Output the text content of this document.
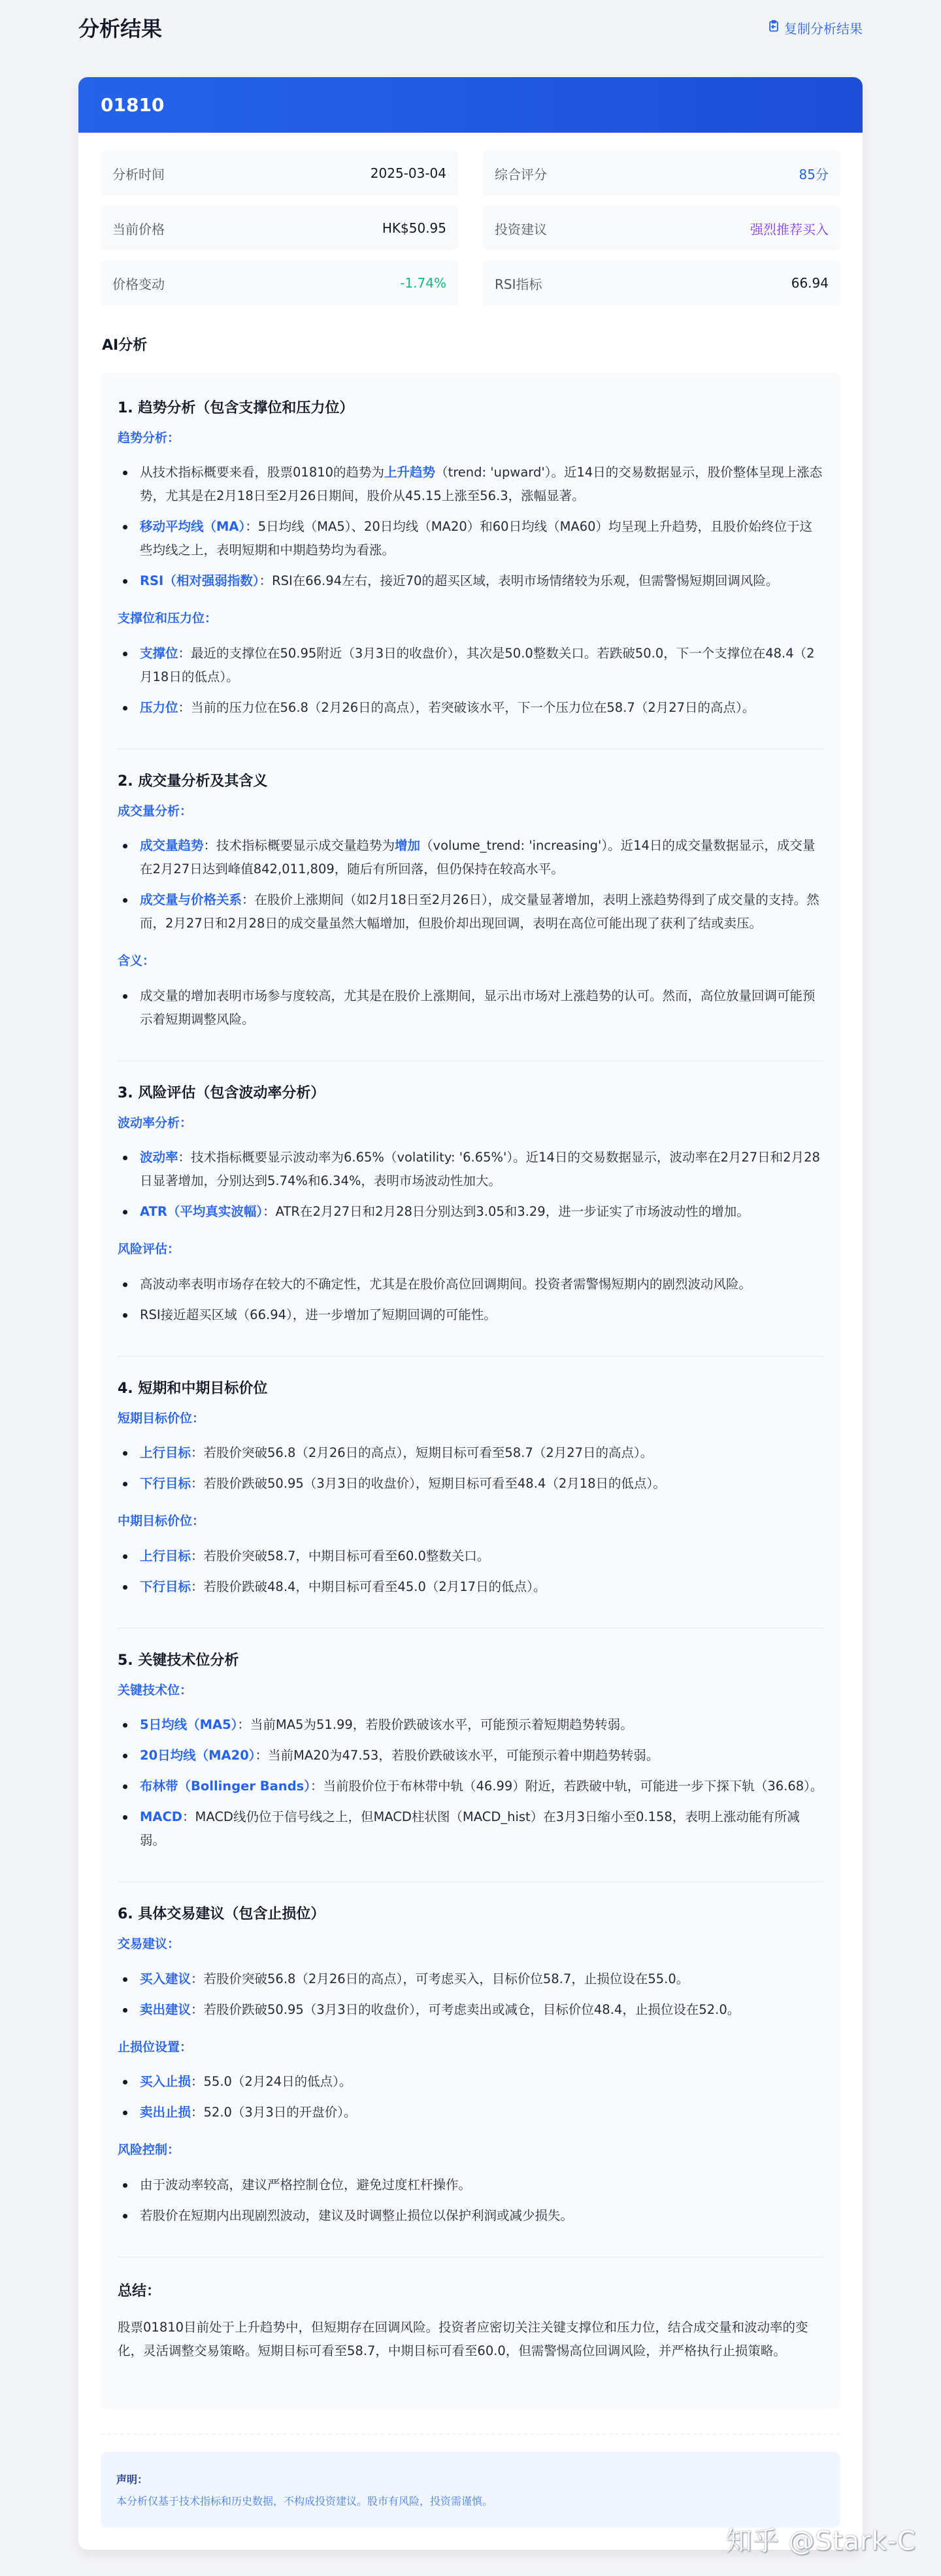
分析结果	复制分析结果
01810
分析时间	2025-03-04	综合评分	85分
当前价格	HK$50.95	投资建议	强烈推荐买入
价格变动	-1.74%	RSI指标	66.94
AI分析
1. 趋势分析（包含支撑位和压力位）
趋势分析：
从技术指标概要来看，股票01810的趋势为上升趋势（trend: 'upward'）。近14日的交易数据显示，股价整体呈现上涨态势，尤其是在2月18日至2月26日期间，股价从45.15上涨至56.3，涨幅显著。
移动平均线（MA）：5日均线（MA5）、20日均线（MA20）和60日均线（MA60）均呈现上升趋势，且股价始终位于这些均线之上，表明短期和中期趋势均为看涨。
RSI（相对强弱指数）：RSI在66.94左右，接近70的超买区域，表明市场情绪较为乐观，但需警惕短期回调风险。
支撑位和压力位：
支撑位：最近的支撑位在50.95附近（3月3日的收盘价），其次是50.0整数关口。若跌破50.0，下一个支撑位在48.4（2月18日的低点）。
压力位：当前的压力位在56.8（2月26日的高点），若突破该水平，下一个压力位在58.7（2月27日的高点）。
2. 成交量分析及其含义
成交量分析：
成交量趋势：技术指标概要显示成交量趋势为增加（volume_trend: 'increasing'）。近14日的成交量数据显示，成交量在2月27日达到峰值842,011,809，随后有所回落，但仍保持在较高水平。
成交量与价格关系：在股价上涨期间（如2月18日至2月26日），成交量显著增加，表明上涨趋势得到了成交量的支持。然而，2月27日和2月28日的成交量虽然大幅增加，但股价却出现回调，表明在高位可能出现了获利了结或卖压。
含义：
成交量的增加表明市场参与度较高，尤其是在股价上涨期间，显示出市场对上涨趋势的认可。然而，高位放量回调可能预示着短期调整风险。
3. 风险评估（包含波动率分析）
波动率分析：
波动率：技术指标概要显示波动率为6.65%（volatility: '6.65%'）。近14日的交易数据显示，波动率在2月27日和2月28日显著增加，分别达到5.74%和6.34%，表明市场波动性加大。
ATR（平均真实波幅）：ATR在2月27日和2月28日分别达到3.05和3.29，进一步证实了市场波动性的增加。
风险评估：
高波动率表明市场存在较大的不确定性，尤其是在股价高位回调期间。投资者需警惕短期内的剧烈波动风险。
RSI接近超买区域（66.94），进一步增加了短期回调的可能性。
4. 短期和中期目标价位
短期目标价位：
上行目标：若股价突破56.8（2月26日的高点），短期目标可看至58.7（2月27日的高点）。
下行目标：若股价跌破50.95（3月3日的收盘价），短期目标可看至48.4（2月18日的低点）。
中期目标价位：
上行目标：若股价突破58.7，中期目标可看至60.0整数关口。
下行目标：若股价跌破48.4，中期目标可看至45.0（2月17日的低点）。
5. 关键技术位分析
关键技术位：
5日均线（MA5）：当前MA5为51.99，若股价跌破该水平，可能预示着短期趋势转弱。
20日均线（MA20）：当前MA20为47.53，若股价跌破该水平，可能预示着中期趋势转弱。
布林带（Bollinger Bands）：当前股价位于布林带中轨（46.99）附近，若跌破中轨，可能进一步下探下轨（36.68）。
MACD：MACD线仍位于信号线之上，但MACD柱状图（MACD_hist）在3月3日缩小至0.158，表明上涨动能有所减弱。
6. 具体交易建议（包含止损位）
交易建议：
买入建议：若股价突破56.8（2月26日的高点），可考虑买入，目标价位58.7，止损位设在55.0。
卖出建议：若股价跌破50.95（3月3日的收盘价），可考虑卖出或减仓，目标价位48.4，止损位设在52.0。
止损位设置：
买入止损：55.0（2月24日的低点）。
卖出止损：52.0（3月3日的开盘价）。
风险控制：
由于波动率较高，建议严格控制仓位，避免过度杠杆操作。
若股价在短期内出现剧烈波动，建议及时调整止损位以保护利润或减少损失。
总结：

股票01810目前处于上升趋势中，但短期存在回调风险。投资者应密切关注关键支撑位和压力位，结合成交量和波动率的变化，灵活调整交易策略。短期目标可看至58.7，中期目标可看至60.0，但需警惕高位回调风险，并严格执行止损策略。

声明：
本分析仅基于技术指标和历史数据，不构成投资建议。股市有风险，投资需谨慎。
知乎 @Stark-C
